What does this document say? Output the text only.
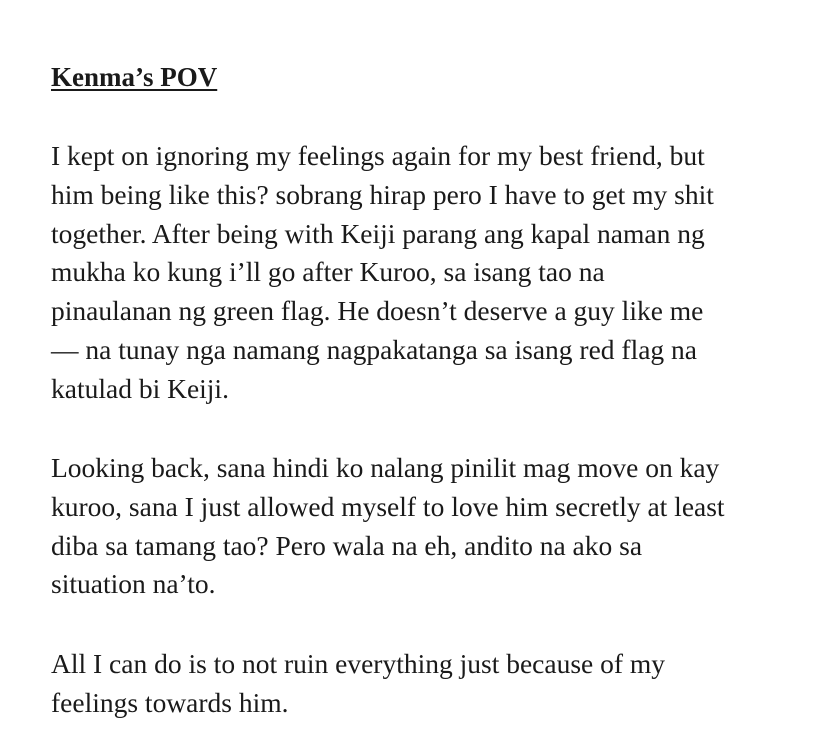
Kenma’s POV

I kept on ignoring my feelings again for my best friend, but
him being like this? sobrang hirap pero I have to get my shit
together. After being with Keiji parang ang kapal naman ng
mukha ko kung i’ll go after Kuroo, sa isang tao na
pinaulanan ng green flag. He doesn’t deserve a guy like me
— na tunay nga namang nagpakatanga sa isang red flag na
katulad bi Keiji.

Looking back, sana hindi ko nalang pinilit mag move on kay
kuroo, sana I just allowed myself to love him secretly at least
diba sa tamang tao? Pero wala na eh, andito na ako sa
situation na’to.

All I can do is to not ruin everything just because of my
feelings towards him.
